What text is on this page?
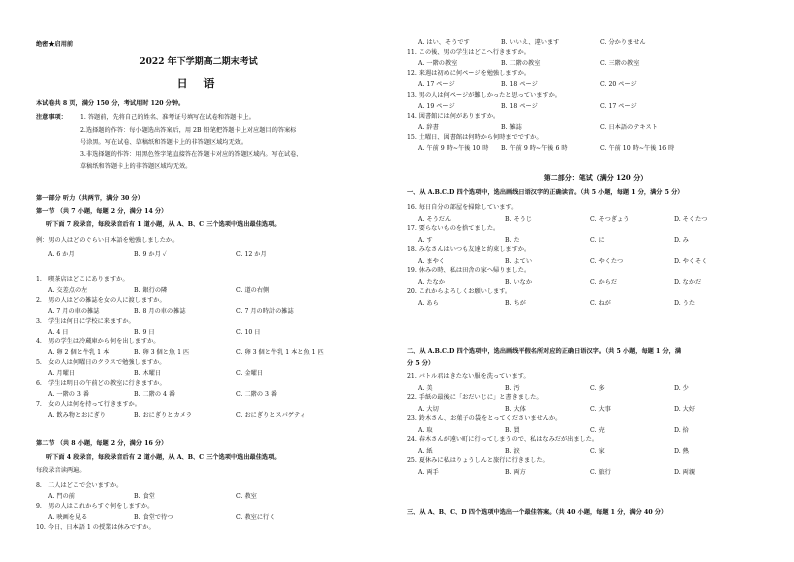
绝密★启用前
2022 年下学期高二期末考试
日 语
本试卷共 8 页，满分 150 分，考试用时 120 分钟。
注意事项： 1. 答题前，先将自己的姓名、准考证号填写在试卷和答题卡上。
2.选择题的作答：每小题选出答案后，用 2B 铅笔把答题卡上对应题目的答案标
号涂黑。写在试卷、草稿纸和答题卡上的非答题区域均无效。
3.非选择题的作答：用黑色签字笔直接答在答题卡对应的答题区域内。写在试卷、
草稿纸和答题卡上的非答题区域均无效。
第一部分 听力（共两节，满分 30 分）
第一节 （共 7 小题，每题 2 分，满分 14 分）
听下面 7 段录音，每段录音后有 1 道小题，从 A、B、C 三个选项中选出最佳选项。
例：男の人はどのぐらい日本語を勉強しましたか。
A. 6 か月	B. 9 か月 ✓	C. 12 か月
1.　喫茶店はどこにありますか。
A. 交差点の左	B. 銀行の隣	C. 道の右側
2.　男の人はどの雑誌を女の人に渡しますか。
A. 7 月の車の雑誌	B. 8 月の車の雑誌	C. 7 月の時計の雑誌
3.　学生は何日に学校に来ますか。
A. 4 日	B. 9 日	C. 10 日
4.　男の学生は冷蔵庫から何を出しますか。
A. 卵 2 個と牛乳 1 本	B. 卵 3 個と魚 1 匹	C. 卵 3 個と牛乳 1 本と魚 1 匹
5.　女の人は何曜日のクラスで勉強しますか。
A. 月曜日	B. 木曜日	C. 金曜日
6.　学生は明日の午前どの教室に行きますか。
A. 一階の 3 番	B. 二階の 4 番	C. 二階の 3 番
7.　女の人は何を持って行きますか。
A. 飲み物とおにぎり	B. おにぎりとカメラ	C. おにぎりとスパゲティ
第二节 （共 8 小题，每题 2 分，满分 16 分）
听下面 4 段录音，每段录音后有 2 道小题，从 A、B、C 三个选项中选出最佳选项。
每段录音读两遍。
8.　二人はどこで会いますか。
A. 門の前	B. 食堂	C. 教室
9.　男の人はこれからすぐ何をしますか。
A. 映画を見る	B. 食堂で待つ	C. 教室に行く
10. 今日、日本語 1 の授業は休みですか。
A. はい、そうです	B. いいえ、違います	C. 分かりません
11. この後、男の学生はどこへ行きますか。
A. 一階の教室	B. 二階の教室	C. 三階の教室
12. 来週は初めに何ページを勉強しますか。
A. 17 ページ	B. 18 ページ	C. 20 ページ
13. 男の人は何ページが難しかったと思っていますか。
A. 19 ページ	B. 18 ページ	C. 17 ページ
14. 図書館には何がありますか。
A. 辞書	B. 雑誌	C. 日本語のテキスト
15. 土曜日、図書館は何時から何時までですか。
A. 午前 9 時~午後 10 時 B. 午前 9 時~午後 6 時	C. 午前 10 時~午後 16 時
第二部分：笔试（满分 120 分）
一、从 A.B.C.D 四个选项中，选出画线日语汉字的正确读音。（共 5 小题，每题 1 分，满分 5 分）
16. 毎日自分の部屋を掃除しています。
A. そうだん	B. そうじ	C. そつぎょう	D. そくたつ
17. 要らないものを捨てました。
A. す	B. た	C. に	D. み
18. みなさんはいつも友達と約束しますか。
A. まやく	B. よてい	C. やくたつ	D. やくそく
19. 休みの時、私は田舎の家へ帰りました。
A. たなか	B. いなか	C. からだ	D. なかだ
20. これからよろしくお願いします。
A. あら	B. ちが	C. ねが	D. うた
二、从 A.B.C.D 四个选项中，选出画线平假名所对应的正确日语汉字。（共 5 小题，每题 1 分，满
分 5 分）
21. バトル君はきたない服を洗っています。
A. 美	B. 汚	C. 多	D. 少
22. 手紙の最後に「おだいじに」と書きました。
A. 大切	B. 大体	C. 大事	D. 大好
23. 鈴木さん、お菓子の袋をとってくださいませんか。
A. 取	B. 買	C. 売	D. 拾
24. 春木さんが遠い町に行ってしまうので、私はなみだが出ました。
A. 紙	B. 涙	C. 家	D. 熱
25. 夏休みに私はりょうしんと旅行に行きました。
A. 両手	B. 両方	C. 旅行	D. 両親
三、从 A、B、C、D 四个选项中选出一个最佳答案。（共 40 小题，每题 1 分，满分 40 分）
